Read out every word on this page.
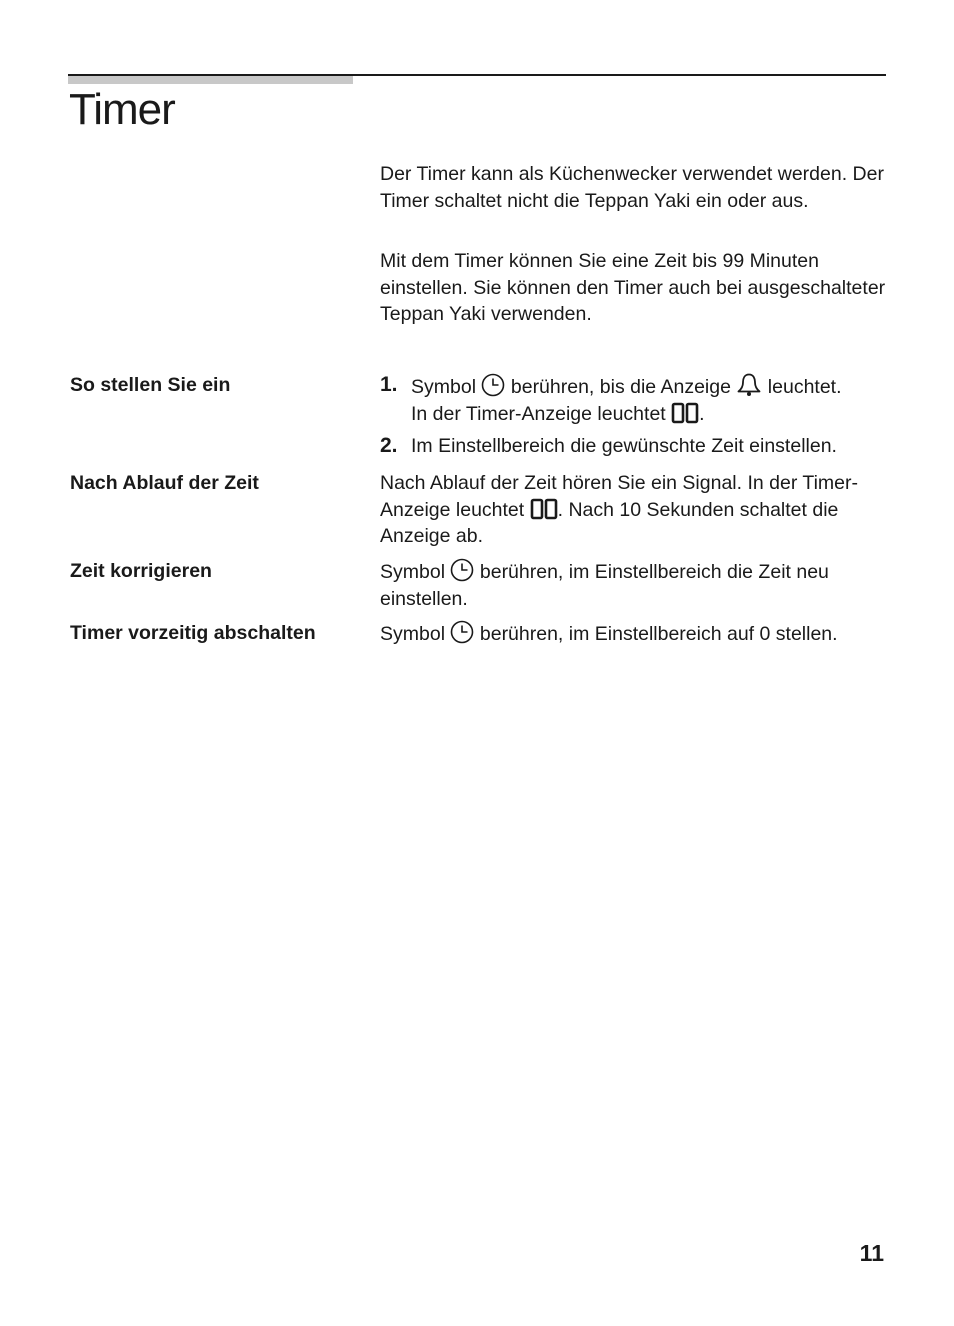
Timer

Der Timer kann als Küchenwecker verwendet werden. Der Timer schaltet nicht die Teppan Yaki ein oder aus.

Mit dem Timer können Sie eine Zeit bis 99 Minuten einstellen. Sie können den Timer auch bei ausgeschalteter Teppan Yaki verwenden.

So stellen Sie ein	1. Symbol berühren, bis die Anzeige leuchtet.
In der Timer-Anzeige leuchtet .
2. Im Einstellbereich die gewünschte Zeit einstellen.
Nach Ablauf der Zeit	Nach Ablauf der Zeit hören Sie ein Signal. In der Timer-Anzeige leuchtet . Nach 10 Sekunden schaltet die Anzeige ab.
Zeit korrigieren	Symbol berühren, im Einstellbereich die Zeit neu einstellen.
Timer vorzeitig abschalten	Symbol berühren, im Einstellbereich auf 0 stellen.
11
